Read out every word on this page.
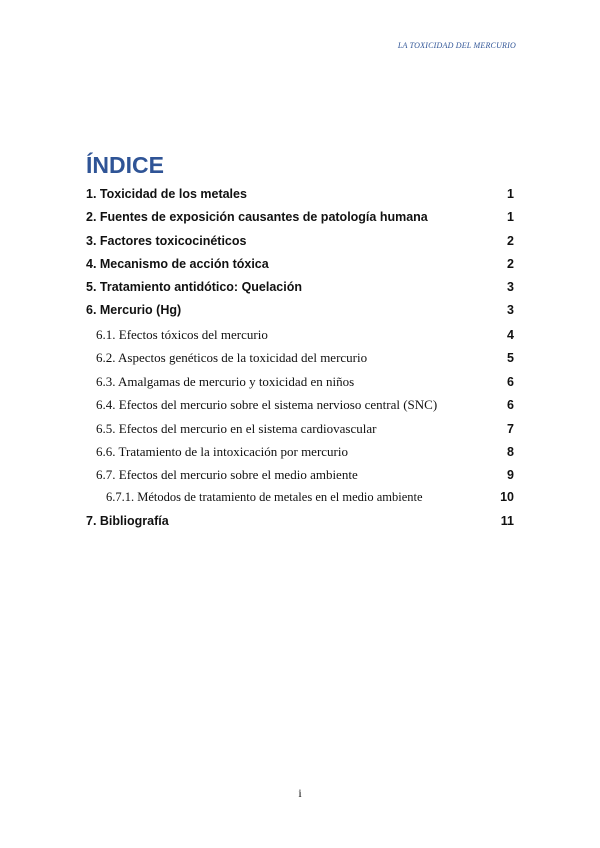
LA TOXICIDAD DEL MERCURIO
ÍNDICE
1. Toxicidad de los metales	1
2. Fuentes de exposición causantes de patología humana	1
3. Factores toxicocinéticos	2
4. Mecanismo de acción tóxica	2
5. Tratamiento antidótico: Quelación	3
6. Mercurio (Hg)	3
6.1. Efectos tóxicos del mercurio	4
6.2. Aspectos genéticos de la toxicidad del mercurio	5
6.3. Amalgamas de mercurio y toxicidad en niños	6
6.4. Efectos del mercurio sobre el sistema nervioso central (SNC)	6
6.5. Efectos del mercurio en el sistema cardiovascular	7
6.6. Tratamiento de la intoxicación por mercurio	8
6.7. Efectos del mercurio sobre el medio ambiente	9
6.7.1. Métodos de tratamiento de metales en el medio ambiente	10
7. Bibliografía	11
i
